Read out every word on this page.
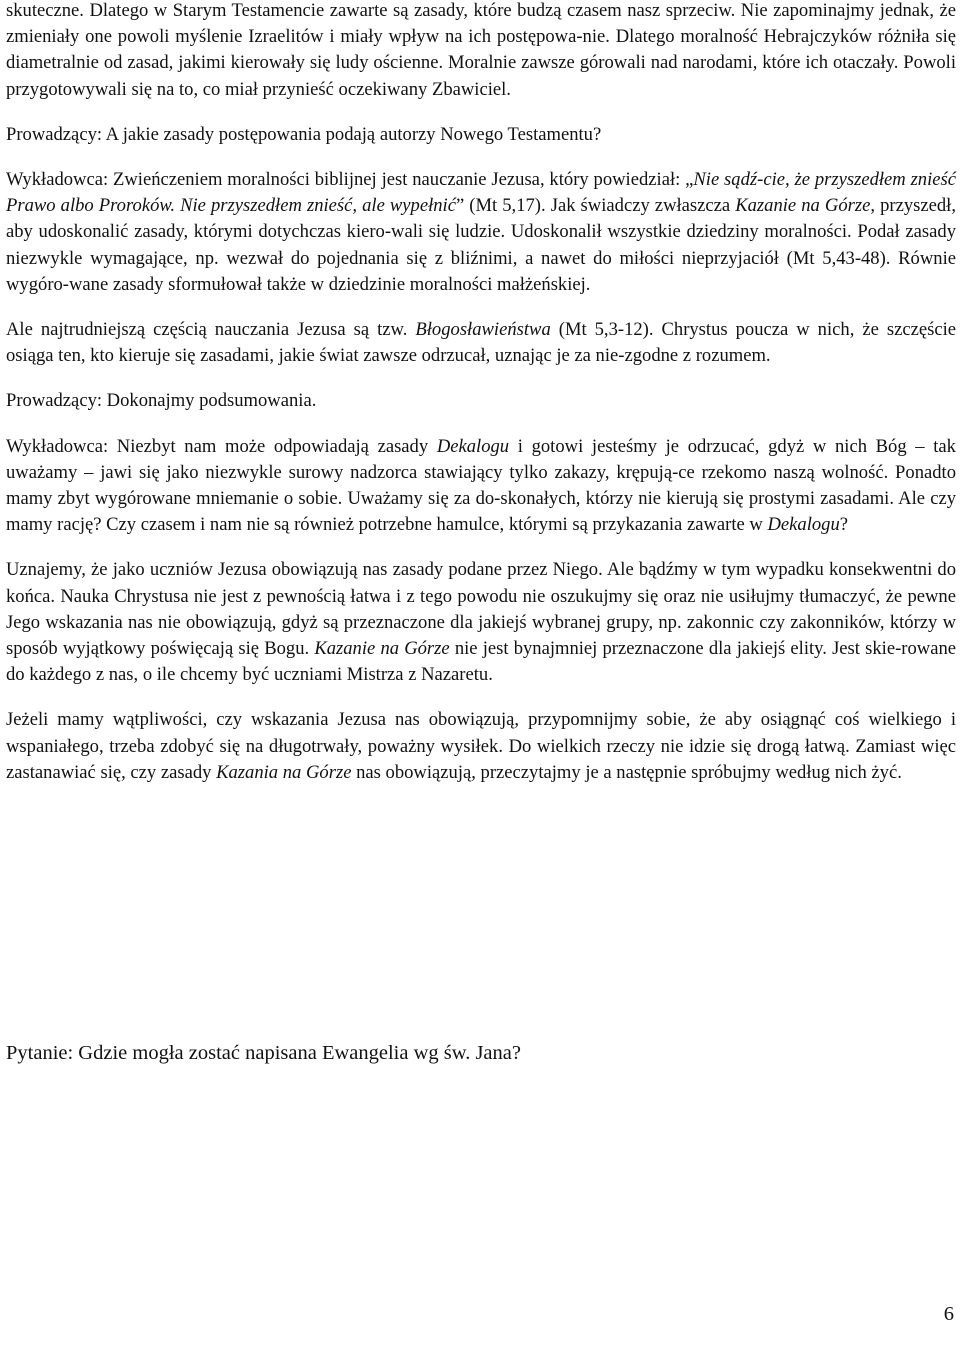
skuteczne. Dlatego w Starym Testamencie zawarte są zasady, które budzą czasem nasz sprzeciw. Nie zapominajmy jednak, że zmieniały one powoli myślenie Izraelitów i miały wpływ na ich postępowa-nie. Dlatego moralność Hebrajczyków różniła się diametralnie od zasad, jakimi kierowały się ludy ościenne. Moralnie zawsze górowali nad narodami, które ich otaczały. Powoli przygotowywali się na to, co miał przynieść oczekiwany Zbawiciel.

Prowadzący: A jakie zasady postępowania podają autorzy Nowego Testamentu?

Wykładowca: Zwieńczeniem moralności biblijnej jest nauczanie Jezusa, który powiedział: „Nie sądź-cie, że przyszedłem znieść Prawo albo Proroków. Nie przyszedłem znieść, ale wypełnić” (Mt 5,17). Jak świadczy zwłaszcza Kazanie na Górze, przyszedł, aby udoskonalić zasady, którymi dotychczas kiero-wali się ludzie. Udoskonalił wszystkie dziedziny moralności. Podał zasady niezwykle wymagające, np. wezwał do pojednania się z bliźnimi, a nawet do miłości nieprzyjaciół (Mt 5,43-48). Równie wygóro-wane zasady sformułował także w dziedzinie moralności małżeńskiej.

Ale najtrudniejszą częścią nauczania Jezusa są tzw. Błogosławieństwa (Mt 5,3-12). Chrystus poucza w nich, że szczęście osiąga ten, kto kieruje się zasadami, jakie świat zawsze odrzucał, uznając je za nie-zgodne z rozumem.

Prowadzący: Dokonajmy podsumowania.

Wykładowca: Niezbyt nam może odpowiadają zasady Dekalogu i gotowi jesteśmy je odrzucać, gdyż w nich Bóg – tak uważamy – jawi się jako niezwykle surowy nadzorca stawiający tylko zakazy, krępują-ce rzekomo naszą wolność. Ponadto mamy zbyt wygórowane mniemanie o sobie. Uważamy się za do-skonałych, którzy nie kierują się prostymi zasadami. Ale czy mamy rację? Czy czasem i nam nie są również potrzebne hamulce, którymi są przykazania zawarte w Dekalogu?

Uznajemy, że jako uczniów Jezusa obowiązują nas zasady podane przez Niego. Ale bądźmy w tym wypadku konsekwentni do końca. Nauka Chrystusa nie jest z pewnością łatwa i z tego powodu nie oszukujmy się oraz nie usiłujmy tłumaczyć, że pewne Jego wskazania nas nie obowiązują, gdyż są przeznaczone dla jakiejś wybranej grupy, np. zakonnic czy zakonników, którzy w sposób wyjątkowy poświęcają się Bogu. Kazanie na Górze nie jest bynajmniej przeznaczone dla jakiejś elity. Jest skie-rowane do każdego z nas, o ile chcemy być uczniami Mistrza z Nazaretu.

Jeżeli mamy wątpliwości, czy wskazania Jezusa nas obowiązują, przypomnijmy sobie, że aby osiągnąć coś wielkiego i wspaniałego, trzeba zdobyć się na długotrwały, poważny wysiłek. Do wielkich rzeczy nie idzie się drogą łatwą. Zamiast więc zastanawiać się, czy zasady Kazania na Górze nas obowiązują, przeczytajmy je a następnie spróbujmy według nich żyć.

Pytanie: Gdzie mogła zostać napisana Ewangelia wg św. Jana?

6
